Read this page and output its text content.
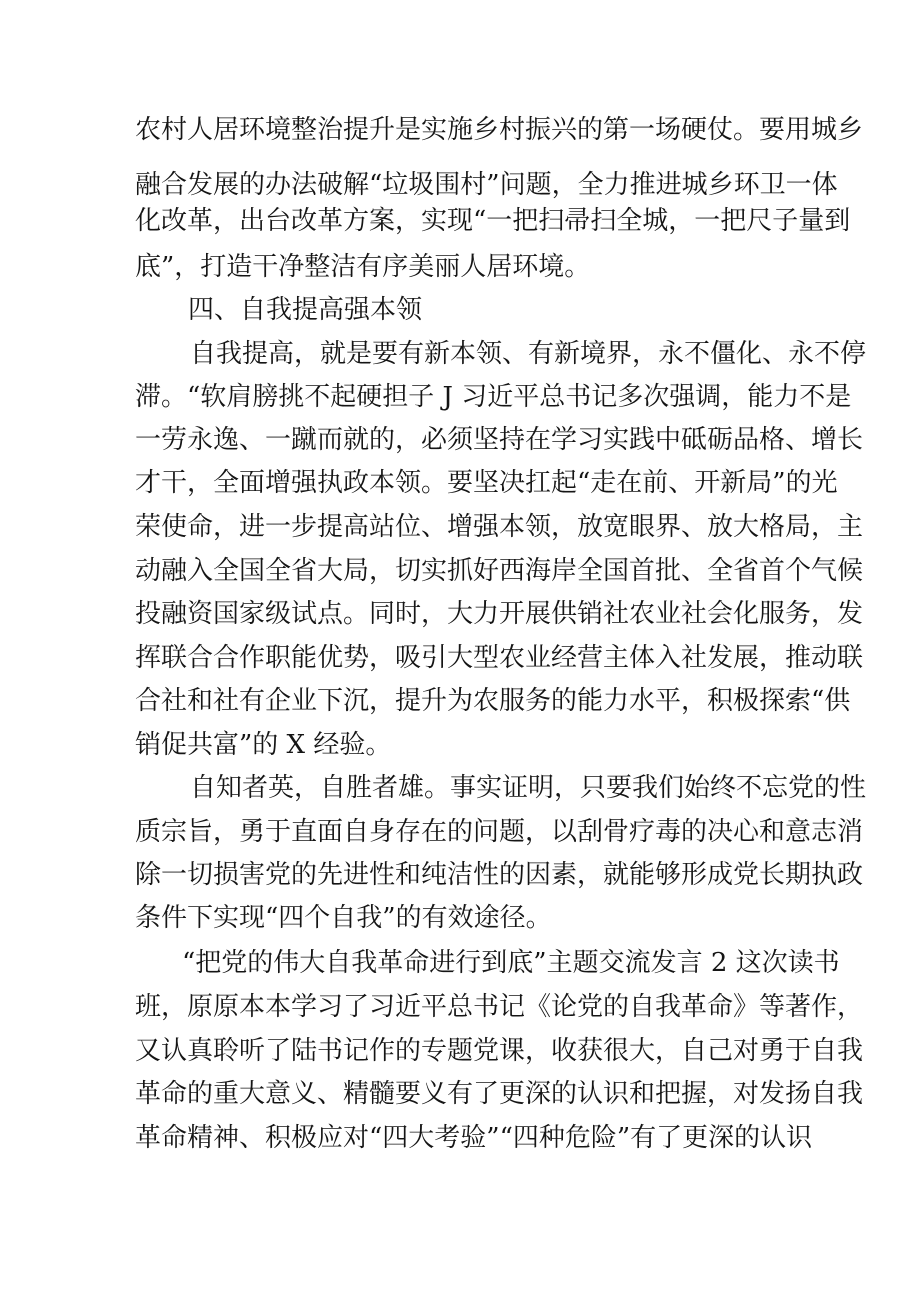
农村人居环境整治提升是实施乡村振兴的第一场硬仗。要用城乡
融合发展的办法破解“垃圾围村”问题，全力推进城乡环卫一体
化改革，出台改革方案，实现“一把扫帚扫全城，一把尺子量到
底”，打造干净整洁有序美丽人居环境。
四、自我提高强本领
自我提高，就是要有新本领、有新境界，永不僵化、永不停
滞。“软肩膀挑不起硬担子 J 习近平总书记多次强调，能力不是
一劳永逸、一蹴而就的，必须坚持在学习实践中砥砺品格、增长
才干，全面增强执政本领。要坚决扛起“走在前、开新局”的光
荣使命，进一步提高站位、增强本领，放宽眼界、放大格局，主
动融入全国全省大局，切实抓好西海岸全国首批、全省首个气候
投融资国家级试点。同时，大力开展供销社农业社会化服务，发
挥联合合作职能优势，吸引大型农业经营主体入社发展，推动联
合社和社有企业下沉，提升为农服务的能力水平，积极探索“供
销促共富”的 X 经验。
自知者英，自胜者雄。事实证明，只要我们始终不忘党的性
质宗旨，勇于直面自身存在的问题，以刮骨疗毒的决心和意志消
除一切损害党的先进性和纯洁性的因素，就能够形成党长期执政
条件下实现“四个自我”的有效途径。
“把党的伟大自我革命进行到底”主题交流发言 2 这次读书
班，原原本本学习了习近平总书记《论党的自我革命》等著作，
又认真聆听了陆书记作的专题党课，收获很大，自己对勇于自我
革命的重大意义、精髓要义有了更深的认识和把握，对发扬自我
革命精神、积极应对“四大考验”“四种危险”有了更深的认识
